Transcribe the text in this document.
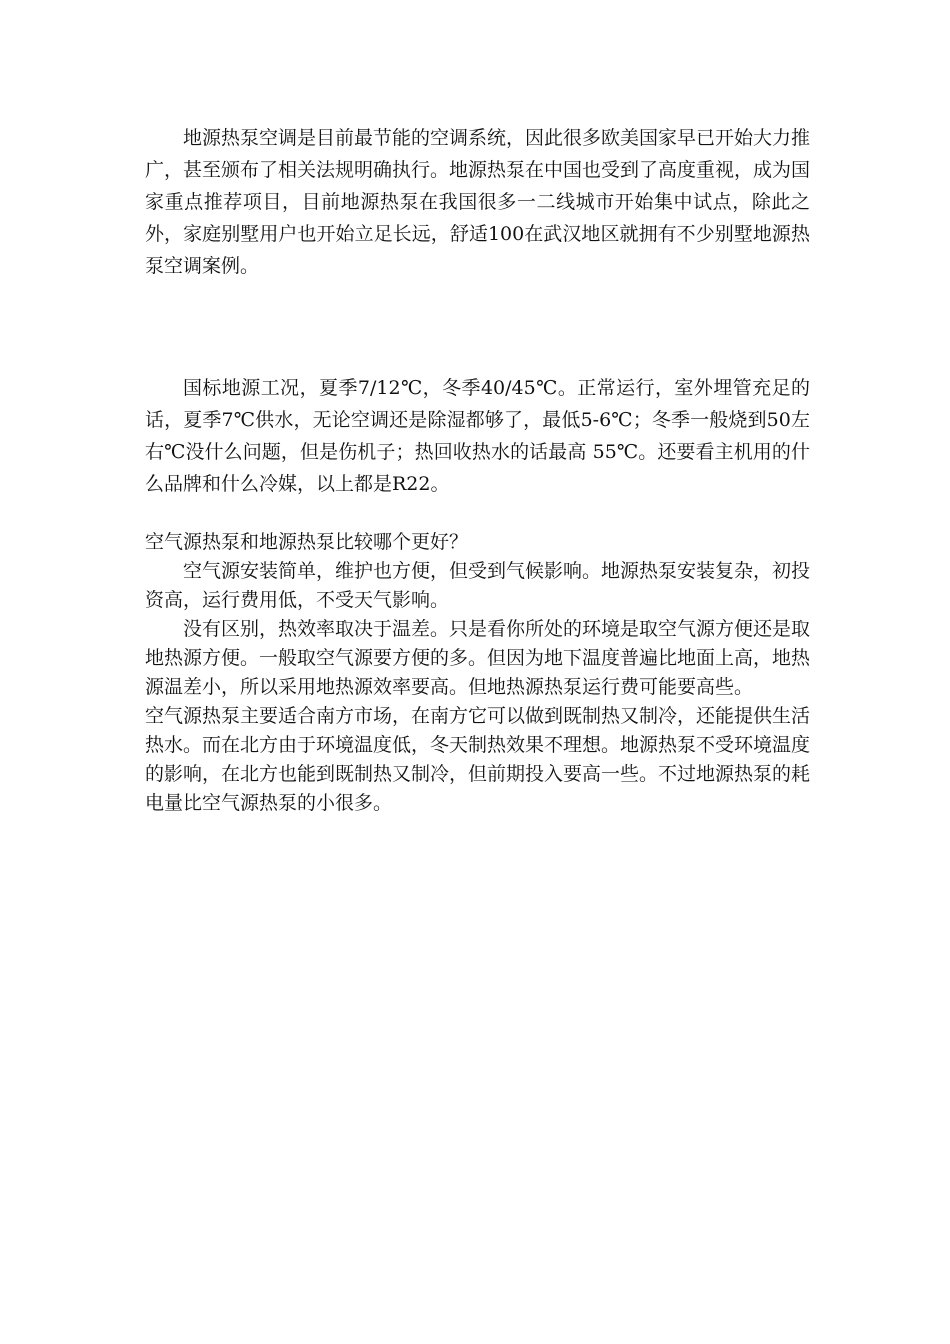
地源热泵空调是目前最节能的空调系统，因此很多欧美国家早已开始大力推广，甚至颁布了相关法规明确执行。地源热泵在中国也受到了高度重视，成为国家重点推荐项目，目前地源热泵在我国很多一二线城市开始集中试点，除此之外，家庭别墅用户也开始立足长远，舒适100在武汉地区就拥有不少别墅地源热泵空调案例。

国标地源工况，夏季7/12℃，冬季40/45℃。正常运行，室外埋管充足的话，夏季7℃供水，无论空调还是除湿都够了，最低5-6℃；冬季一般烧到50左右℃没什么问题，但是伤机子；热回收热水的话最高 55℃。还要看主机用的什么品牌和什么冷媒，以上都是R22。

空气源热泵和地源热泵比较哪个更好？

空气源安装简单，维护也方便，但受到气候影响。地源热泵安装复杂，初投资高，运行费用低，不受天气影响。

没有区别，热效率取决于温差。只是看你所处的环境是取空气源方便还是取地热源方便。一般取空气源要方便的多。但因为地下温度普遍比地面上高，地热源温差小，所以采用地热源效率要高。但地热源热泵运行费可能要高些。

空气源热泵主要适合南方市场，在南方它可以做到既制热又制冷，还能提供生活热水。而在北方由于环境温度低，冬天制热效果不理想。地源热泵不受环境温度的影响，在北方也能到既制热又制冷，但前期投入要高一些。不过地源热泵的耗电量比空气源热泵的小很多。
